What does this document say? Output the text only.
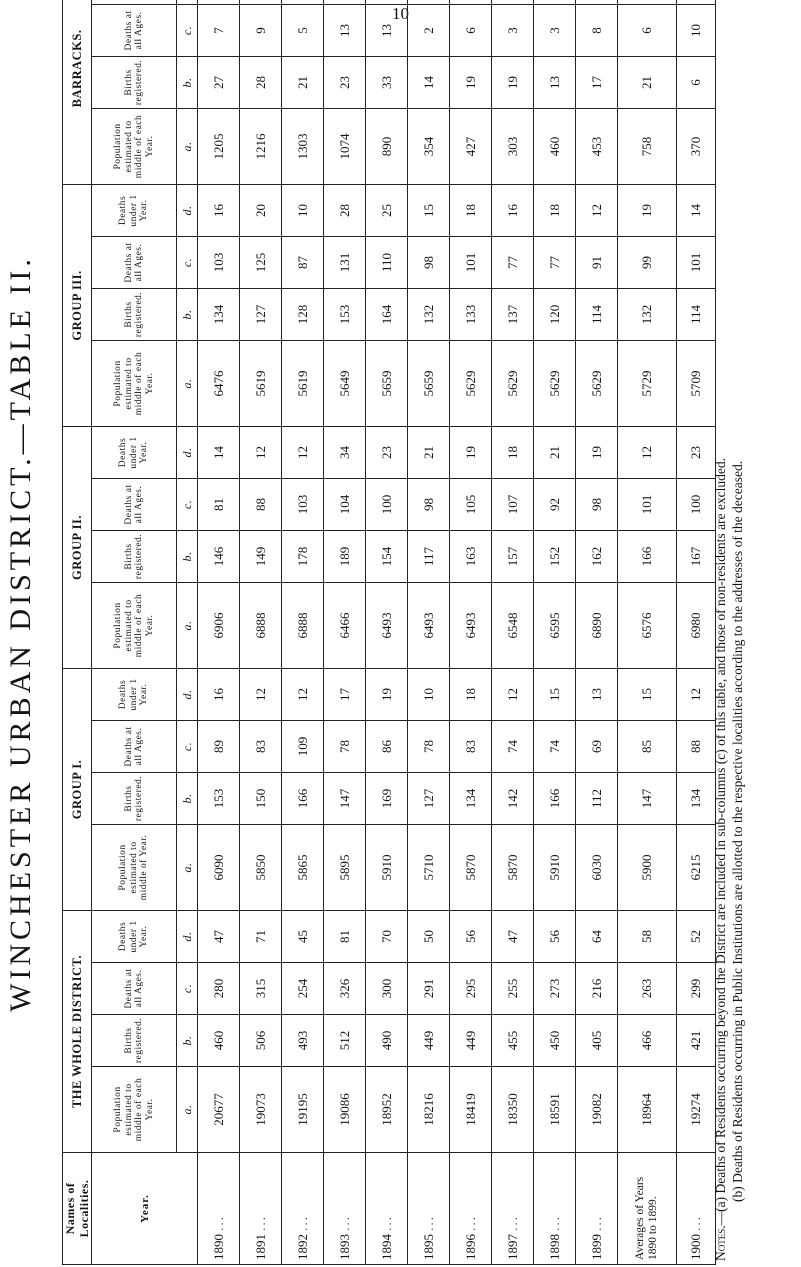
10
WINCHESTER URBAN DISTRICT.—TABLE II.
Names of Localities.	THE WHOLE DISTRICT.				GROUP I.				GROUP II.				GROUP III.				BARRACKS.			
Year.	Population estimated to middle of each Year.	Births registered.	Deaths at all Ages.	Deaths under 1 Year.	Population estimated to middle of Year.	Births registered.	Deaths at all Ages.	Deaths under 1 Year.	Population estimated to middle of each Year.	Births registered.	Deaths at all Ages.	Deaths under 1 Year.	Population estimated to middle of each Year.	Births registered.	Deaths at all Ages.	Deaths under 1 Year.	Population estimated to middle of each Year.	Births registered.	Deaths at all Ages.	
	a.	b.	c.	d.	a.	b.	c.	d.	a.	b.	c.	d.	a.	b.	c.	d.	a.	b.	c.	
1890 ...	20677	460	280	47	6090	153	89	16	6906	146	81	14	6476	134	103	16	1205	27	7	
1891 ...	19073	506	315	71	5850	150	83	12	6888	149	88	12	5619	127	125	20	1216	28	9	
1892 ...	19195	493	254	45	5865	166	109	12	6888	178	103	12	5619	128	87	10	1303	21	5	
1893 ...	19086	512	326	81	5895	147	78	17	6466	189	104	34	5649	153	131	28	1074	23	13	
1894 ...	18952	490	300	70	5910	169	86	19	6493	154	100	23	5659	164	110	25	890	33	13	
1895 ...	18216	449	291	50	5710	127	78	10	6493	117	98	21	5659	132	98	15	354	14	2	
1896 ...	18419	449	295	56	5870	134	83	18	6493	163	105	19	5629	133	101	18	427	19	6	
1897 ...	18350	455	255	47	5870	142	74	12	6548	157	107	18	5629	137	77	16	303	19	3	
1898 ...	18591	450	273	56	5910	166	74	15	6595	152	92	21	5629	120	77	18	460	13	3	
1899 ...	19082	405	216	64	6030	112	69	13	6890	162	98	19	5629	114	91	12	453	17	8	
Averages of Years 1890 to 1899.	18964	466	263	58	5900	147	85	15	6576	166	101	12	5729	132	99	19	758	21	6	
1900 ...	19274	421	299	52	6215	134	88	12	6980	167	100	23	5709	114	101	14	370	6	10	
Notes.—(a) Deaths of Residents occurring beyond the District are included in sub-columns (c) of this table, and those of non-residents are excluded. (b) Deaths of Residents occurring in Public Institutions are allotted to the respective localities according to the addresses of the deceased.
